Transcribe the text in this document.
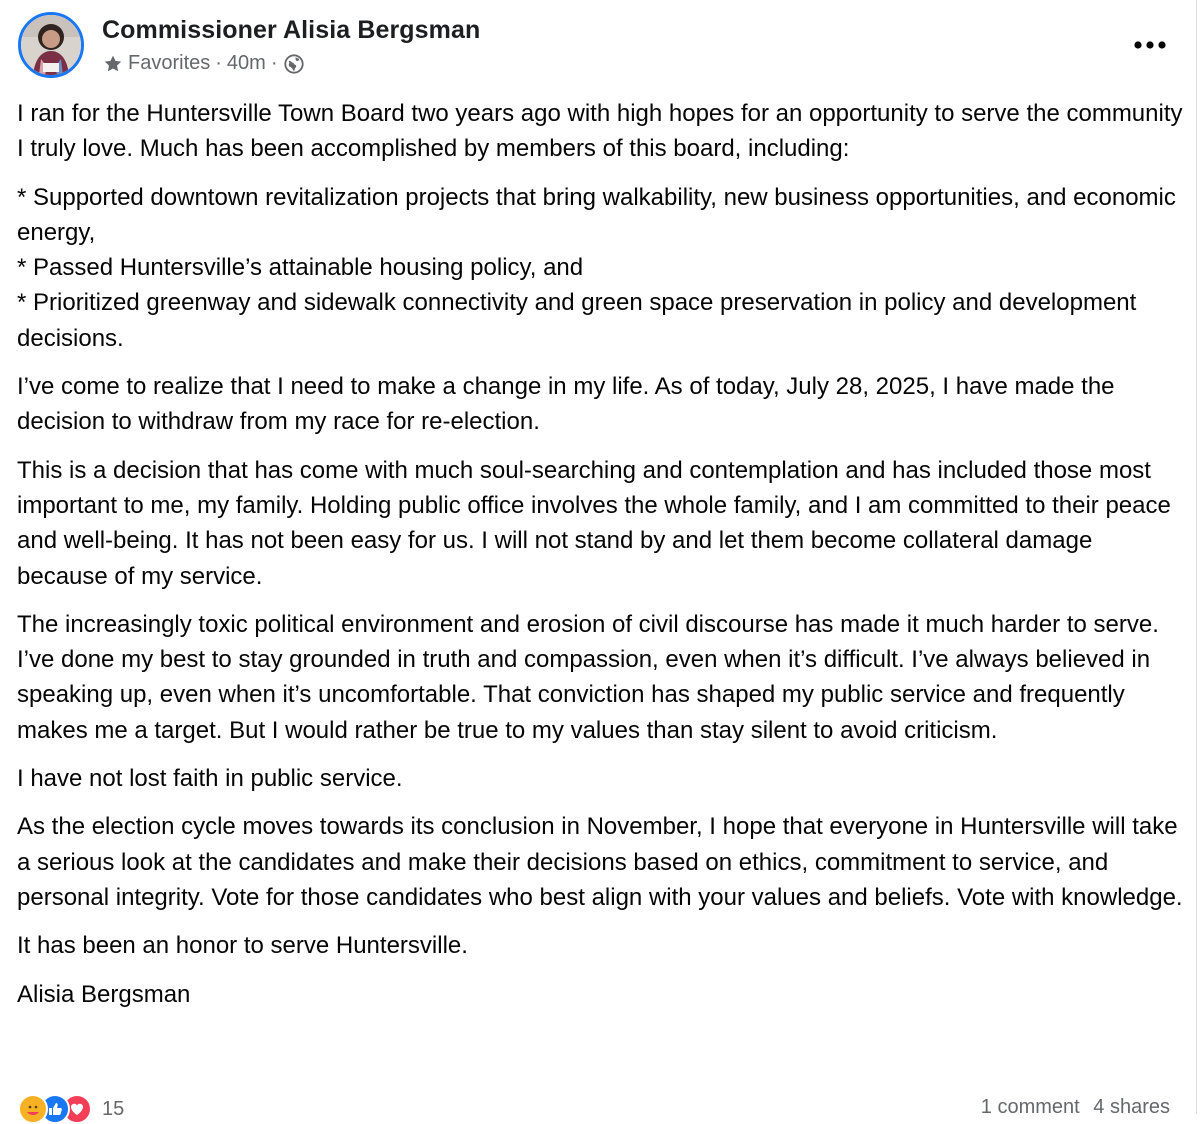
Commissioner Alisia Bergsman
Favorites · 40m ·

I ran for the Huntersville Town Board two years ago with high hopes for an opportunity to serve the community I truly love. Much has been accomplished by members of this board, including:

* Supported downtown revitalization projects that bring walkability, new business opportunities, and economic energy,

* Passed Huntersville’s attainable housing policy, and

* Prioritized greenway and sidewalk connectivity and green space preservation in policy and development decisions.

I’ve come to realize that I need to make a change in my life. As of today, July 28, 2025, I have made the decision to withdraw from my race for re-election.

This is a decision that has come with much soul-searching and contemplation and has included those most important to me, my family. Holding public office involves the whole family, and I am committed to their peace and well-being. It has not been easy for us. I will not stand by and let them become collateral damage because of my service.

The increasingly toxic political environment and erosion of civil discourse has made it much harder to serve. I’ve done my best to stay grounded in truth and compassion, even when it’s difficult. I’ve always believed in speaking up, even when it’s uncomfortable. That conviction has shaped my public service and frequently makes me a target. But I would rather be true to my values than stay silent to avoid criticism.

I have not lost faith in public service.

As the election cycle moves towards its conclusion in November, I hope that everyone in Huntersville will take a serious look at the candidates and make their decisions based on ethics, commitment to service, and personal integrity. Vote for those candidates who best align with your values and beliefs. Vote with knowledge.

It has been an honor to serve Huntersville.

Alisia Bergsman

15	1 comment 4 shares
